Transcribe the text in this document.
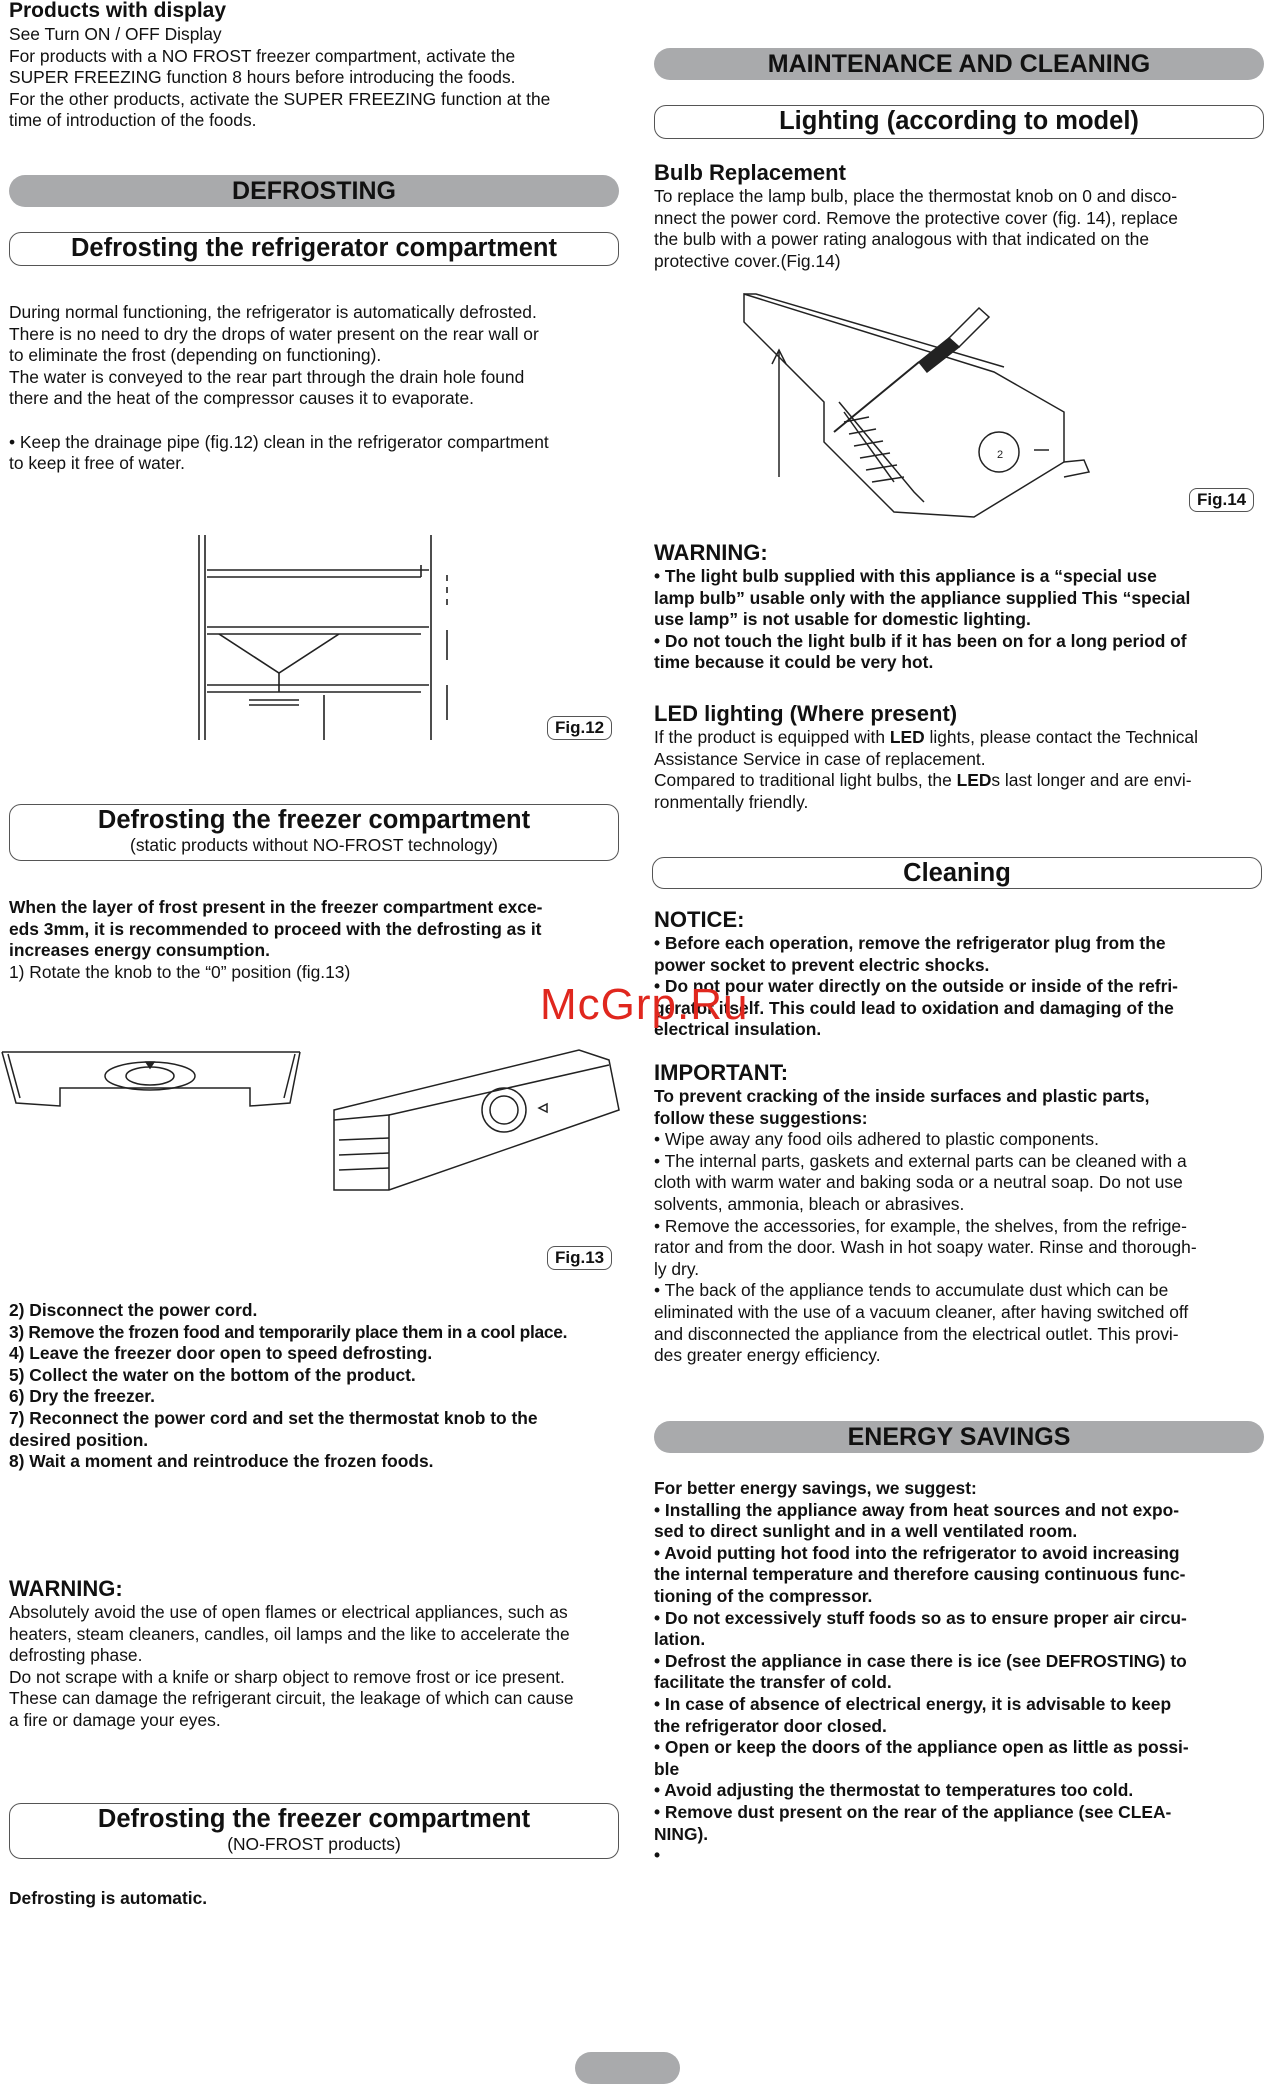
Products with display

See Turn ON / OFF Display

For products with a NO FROST freezer compartment, activate the

SUPER FREEZING function 8 hours before introducing the foods.

For the other products, activate the SUPER FREEZING function at the

time of introduction of the foods.

DEFROSTING
Defrosting the refrigerator compartment

During normal functioning, the refrigerator is automatically defrosted.

There is no need to dry the drops of water present on the rear wall or

to eliminate the frost (depending on functioning).

The water is conveyed to the rear part through the drain hole found

there and the heat of the compressor causes it to evaporate.

• Keep the drainage pipe (fig.12) clean in the refrigerator compartment

to keep it free of water.

Fig.12
Defrosting the freezer compartment
(static products without NO-FROST technology)

When the layer of frost present in the freezer compartment exce-

eds 3mm, it is recommended to proceed with the defrosting as it

increases energy consumption.

1) Rotate the knob to the “0” position (fig.13)

Fig.13

2) Disconnect the power cord.

3) Remove the frozen food and temporarily place them in a cool place.

4) Leave the freezer door open to speed defrosting.

5) Collect the water on the bottom of the product.

6) Dry the freezer.

7) Reconnect the power cord and set the thermostat knob to the

desired position.

8) Wait a moment and reintroduce the frozen foods.

WARNING:

Absolutely avoid the use of open flames or electrical appliances, such as

heaters, steam cleaners, candles, oil lamps and the like to accelerate the

defrosting phase.

Do not scrape with a knife or sharp object to remove frost or ice present.

These can damage the refrigerant circuit, the leakage of which can cause

a fire or damage your eyes.

Defrosting the freezer compartment
(NO-FROST products)

Defrosting is automatic.

MAINTENANCE AND CLEANING
Lighting (according to model)

Bulb Replacement

To replace the lamp bulb, place the thermostat knob on 0 and disco-

nnect the power cord. Remove the protective cover (fig. 14), replace

the bulb with a power rating analogous with that indicated on the

protective cover.(Fig.14)

2
Fig.14

WARNING:

• The light bulb supplied with this appliance is a “special use

lamp bulb” usable only with the appliance supplied This “special

use lamp” is not usable for domestic lighting.

• Do not touch the light bulb if it has been on for a long period of

time because it could be very hot.

LED lighting (Where present)

If the product is equipped with LED lights, please contact the Technical

Assistance Service in case of replacement.

Compared to traditional light bulbs, the LEDs last longer and are envi-

ronmentally friendly.

Cleaning

NOTICE:

• Before each operation, remove the refrigerator plug from the

power socket to prevent electric shocks.

• Do not pour water directly on the outside or inside of the refri-

gerator itself. This could lead to oxidation and damaging of the

electrical insulation.

IMPORTANT:

To prevent cracking of the inside surfaces and plastic parts,

follow these suggestions:

• Wipe away any food oils adhered to plastic components.

• The internal parts, gaskets and external parts can be cleaned with a

cloth with warm water and baking soda or a neutral soap. Do not use

solvents, ammonia, bleach or abrasives.

• Remove the accessories, for example, the shelves, from the refrige-

rator and from the door. Wash in hot soapy water. Rinse and thorough-

ly dry.

• The back of the appliance tends to accumulate dust which can be

eliminated with the use of a vacuum cleaner, after having switched off

and disconnected the appliance from the electrical outlet. This provi-

des greater energy efficiency.

ENERGY SAVINGS

For better energy savings, we suggest:

• Installing the appliance away from heat sources and not expo-

sed to direct sunlight and in a well ventilated room.

• Avoid putting hot food into the refrigerator to avoid increasing

the internal temperature and therefore causing continuous func-

tioning of the compressor.

• Do not excessively stuff foods so as to ensure proper air circu-

lation.

• Defrost the appliance in case there is ice (see DEFROSTING) to

facilitate the transfer of cold.

• In case of absence of electrical energy, it is advisable to keep

the refrigerator door closed.

• Open or keep the doors of the appliance open as little as possi-

ble

• Avoid adjusting the thermostat to temperatures too cold.

• Remove dust present on the rear of the appliance (see CLEA-

NING).

•

McGrp.Ru
